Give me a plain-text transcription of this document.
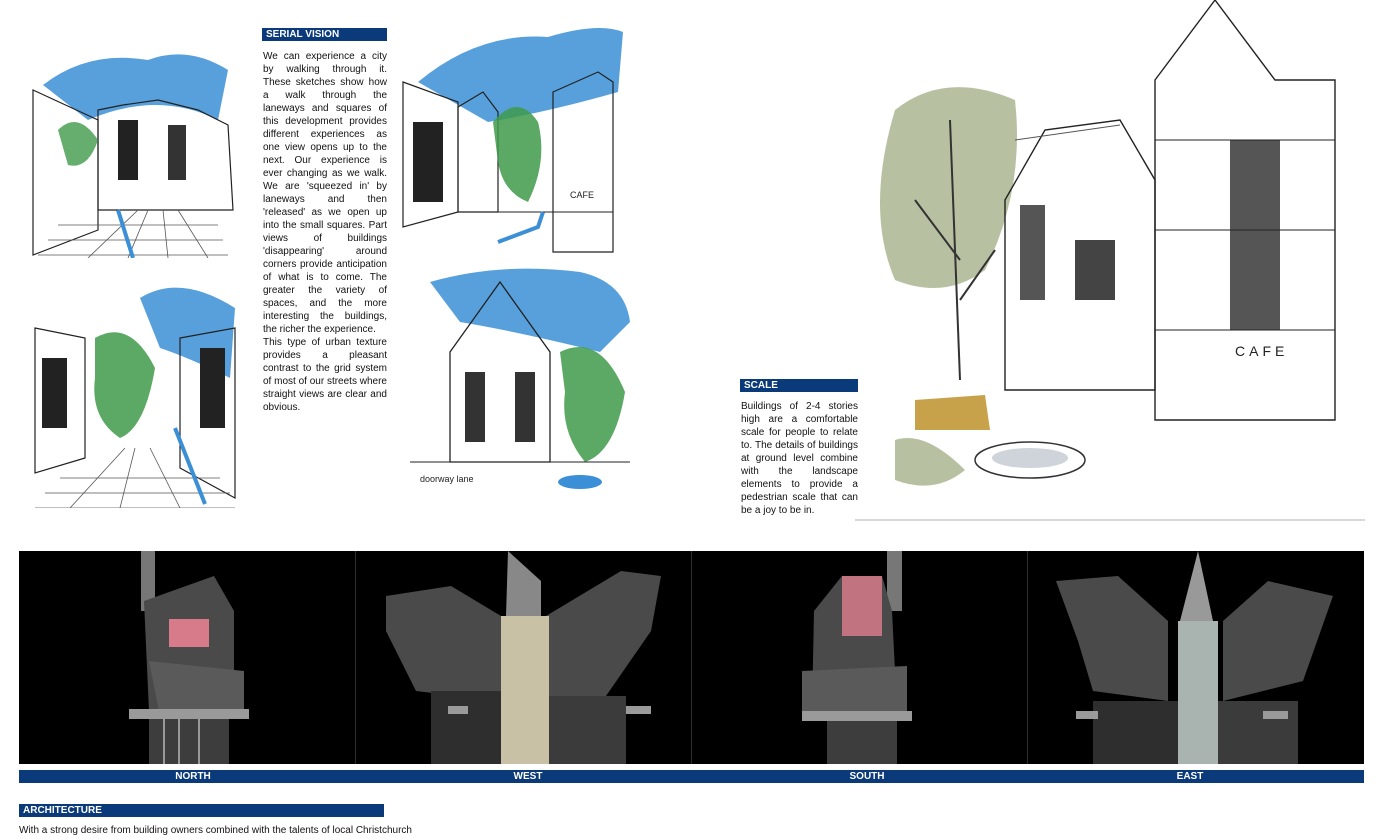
CAFE
doorway lane
SERIAL VISION
We can experience a city by walking through it. These sketches show how a walk through the laneways and squares of this development provides different experiences as one view opens up to the next. Our experience is ever changing as we walk. We are 'squeezed in' by laneways and then 'released' as we open up into the small squares. Part views of buildings 'disappearing' around corners provide anticipation of what is to come. The greater the variety of spaces, and the more interesting the buildings, the richer the experience.
This type of urban texture provides a pleasant contrast to the grid system of most of our streets where straight views are clear and obvious.
CAFE
SCALE
Buildings of 2-4 stories high are a comfortable scale for people to relate to. The details of buildings at ground level combine with the landscape elements to provide a pedestrian scale that can be a joy to be in.
NORTH	WEST	SOUTH	EAST
ARCHITECTURE
With a strong desire from building owners combined with the talents of local Christchurch
